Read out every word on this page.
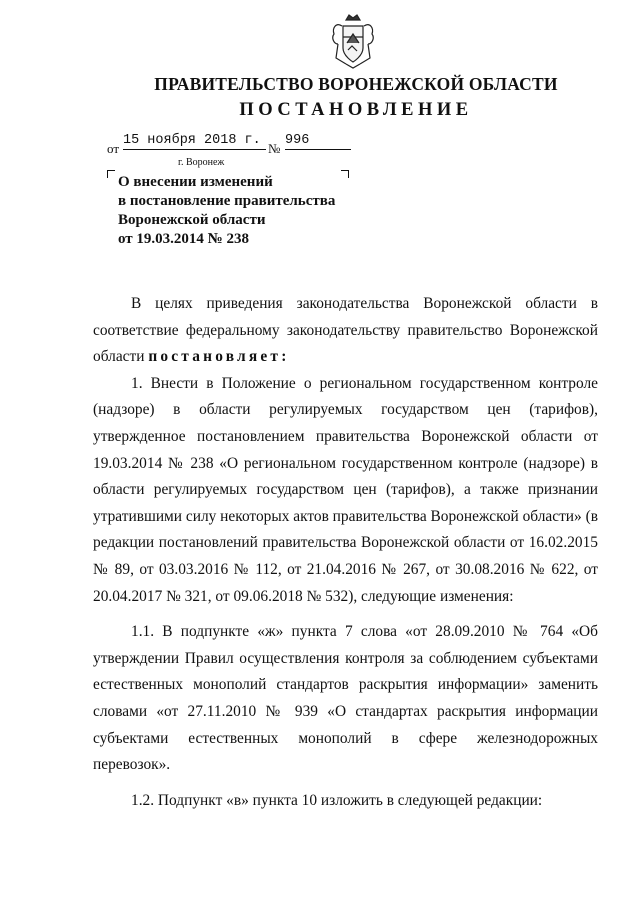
ПРАВИТЕЛЬСТВО ВОРОНЕЖСКОЙ ОБЛАСТИ
ПОСТАНОВЛЕНИЕ
от
15 ноября 2018 г.
№
996
г. Воронеж
О внесении изменений
в постановление правительства
Воронежской области
от 19.03.2014 № 238

В целях приведения законодательства Воронежской области в соответствие федеральному законодательству правительство Воронежской области постановляет:

1. Внести в Положение о региональном государственном контроле (надзоре) в области регулируемых государством цен (тарифов), утвержденное постановлением правительства Воронежской области от 19.03.2014 № 238 «О региональном государственном контроле (надзоре) в области регулируемых государством цен (тарифов), а также признании утратившими силу некоторых актов правительства Воронежской области» (в редакции постановлений правительства Воронежской области от 16.02.2015 № 89, от 03.03.2016 № 112, от 21.04.2016 № 267, от 30.08.2016 № 622, от 20.04.2017 № 321, от 09.06.2018 № 532), следующие изменения:

1.1. В подпункте «ж» пункта 7 слова «от 28.09.2010 № 764 «Об утверждении Правил осуществления контроля за соблюдением субъектами естественных монополий стандартов раскрытия информации» заменить словами «от 27.11.2010 № 939 «О стандартах раскрытия информации субъектами естественных монополий в сфере железнодорожных перевозок».

1.2. Подпункт «в» пункта 10 изложить в следующей редакции:
